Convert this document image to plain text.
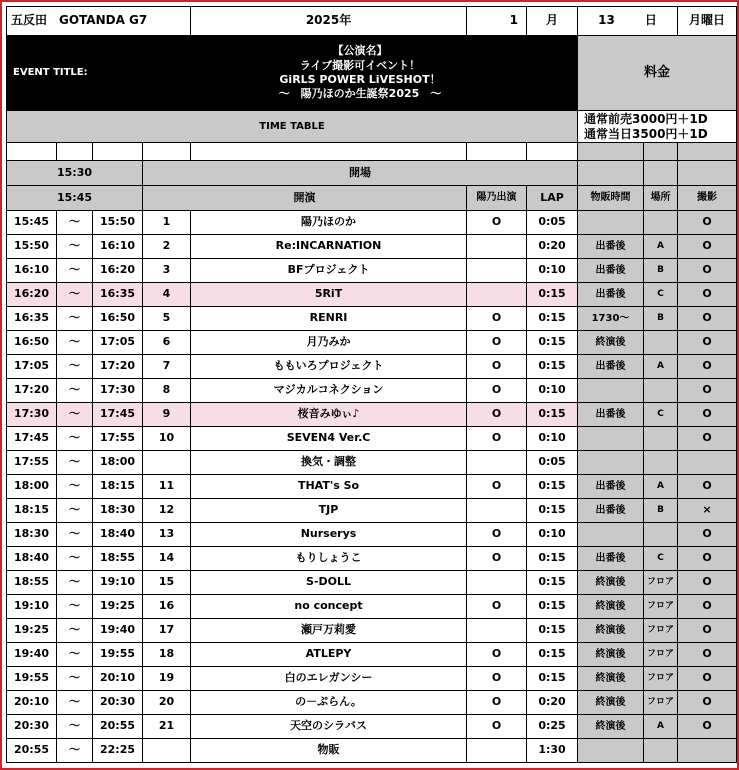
五反田　GOTANDA G7				2025年	1	月	13 日		月曜日
EVENT TITLE:			【公演名】
ライブ撮影可イベント！
GiRLS POWER LiVESHOT！
～　陽乃ほのか生誕祭2025　～				料金		
TIME TABLE							通常前売3000円＋1D
通常当日3500円＋1D		

15:30			開場						
15:45			開演		陽乃出演	LAP	物販時間	場所	撮影
15:45	～	15:50	1	陽乃ほのか	O	0:05			O
15:50	～	16:10	2	Re:INCARNATION		0:20	出番後	A	O
16:10	～	16:20	3	BFプロジェクト		0:10	出番後	B	O
16:20	～	16:35	4	5RiT		0:15	出番後	C	O
16:35	～	16:50	5	RENRI	O	0:15	1730～	B	O
16:50	～	17:05	6	月乃みか	O	0:15	終演後		O
17:05	～	17:20	7	ももいろプロジェクト	O	0:15	出番後	A	O
17:20	～	17:30	8	マジカルコネクション	O	0:10			O
17:30	～	17:45	9	桜音みゆぃ♪	O	0:15	出番後	C	O
17:45	～	17:55	10	SEVEN4 Ver.C	O	0:10			O
17:55	～	18:00		換気・調整		0:05			
18:00	～	18:15	11	THAT's So	O	0:15	出番後	A	O
18:15	～	18:30	12	TJP		0:15	出番後	B	×
18:30	～	18:40	13	Nurserys	O	0:10			O
18:40	～	18:55	14	もりしょうこ	O	0:15	出番後	C	O
18:55	～	19:10	15	S-DOLL		0:15	終演後	フロア	O
19:10	～	19:25	16	no concept	O	0:15	終演後	フロア	O
19:25	～	19:40	17	瀬戸万莉愛		0:15	終演後	フロア	O
19:40	～	19:55	18	ATLEPY	O	0:15	終演後	フロア	O
19:55	～	20:10	19	白のエレガンシー	O	0:15	終演後	フロア	O
20:10	～	20:30	20	の－ぷらん。	O	0:20	終演後	フロア	O
20:30	～	20:55	21	天空のシラバス	O	0:25	終演後	A	O
20:55	～	22:25		物販		1:30			
